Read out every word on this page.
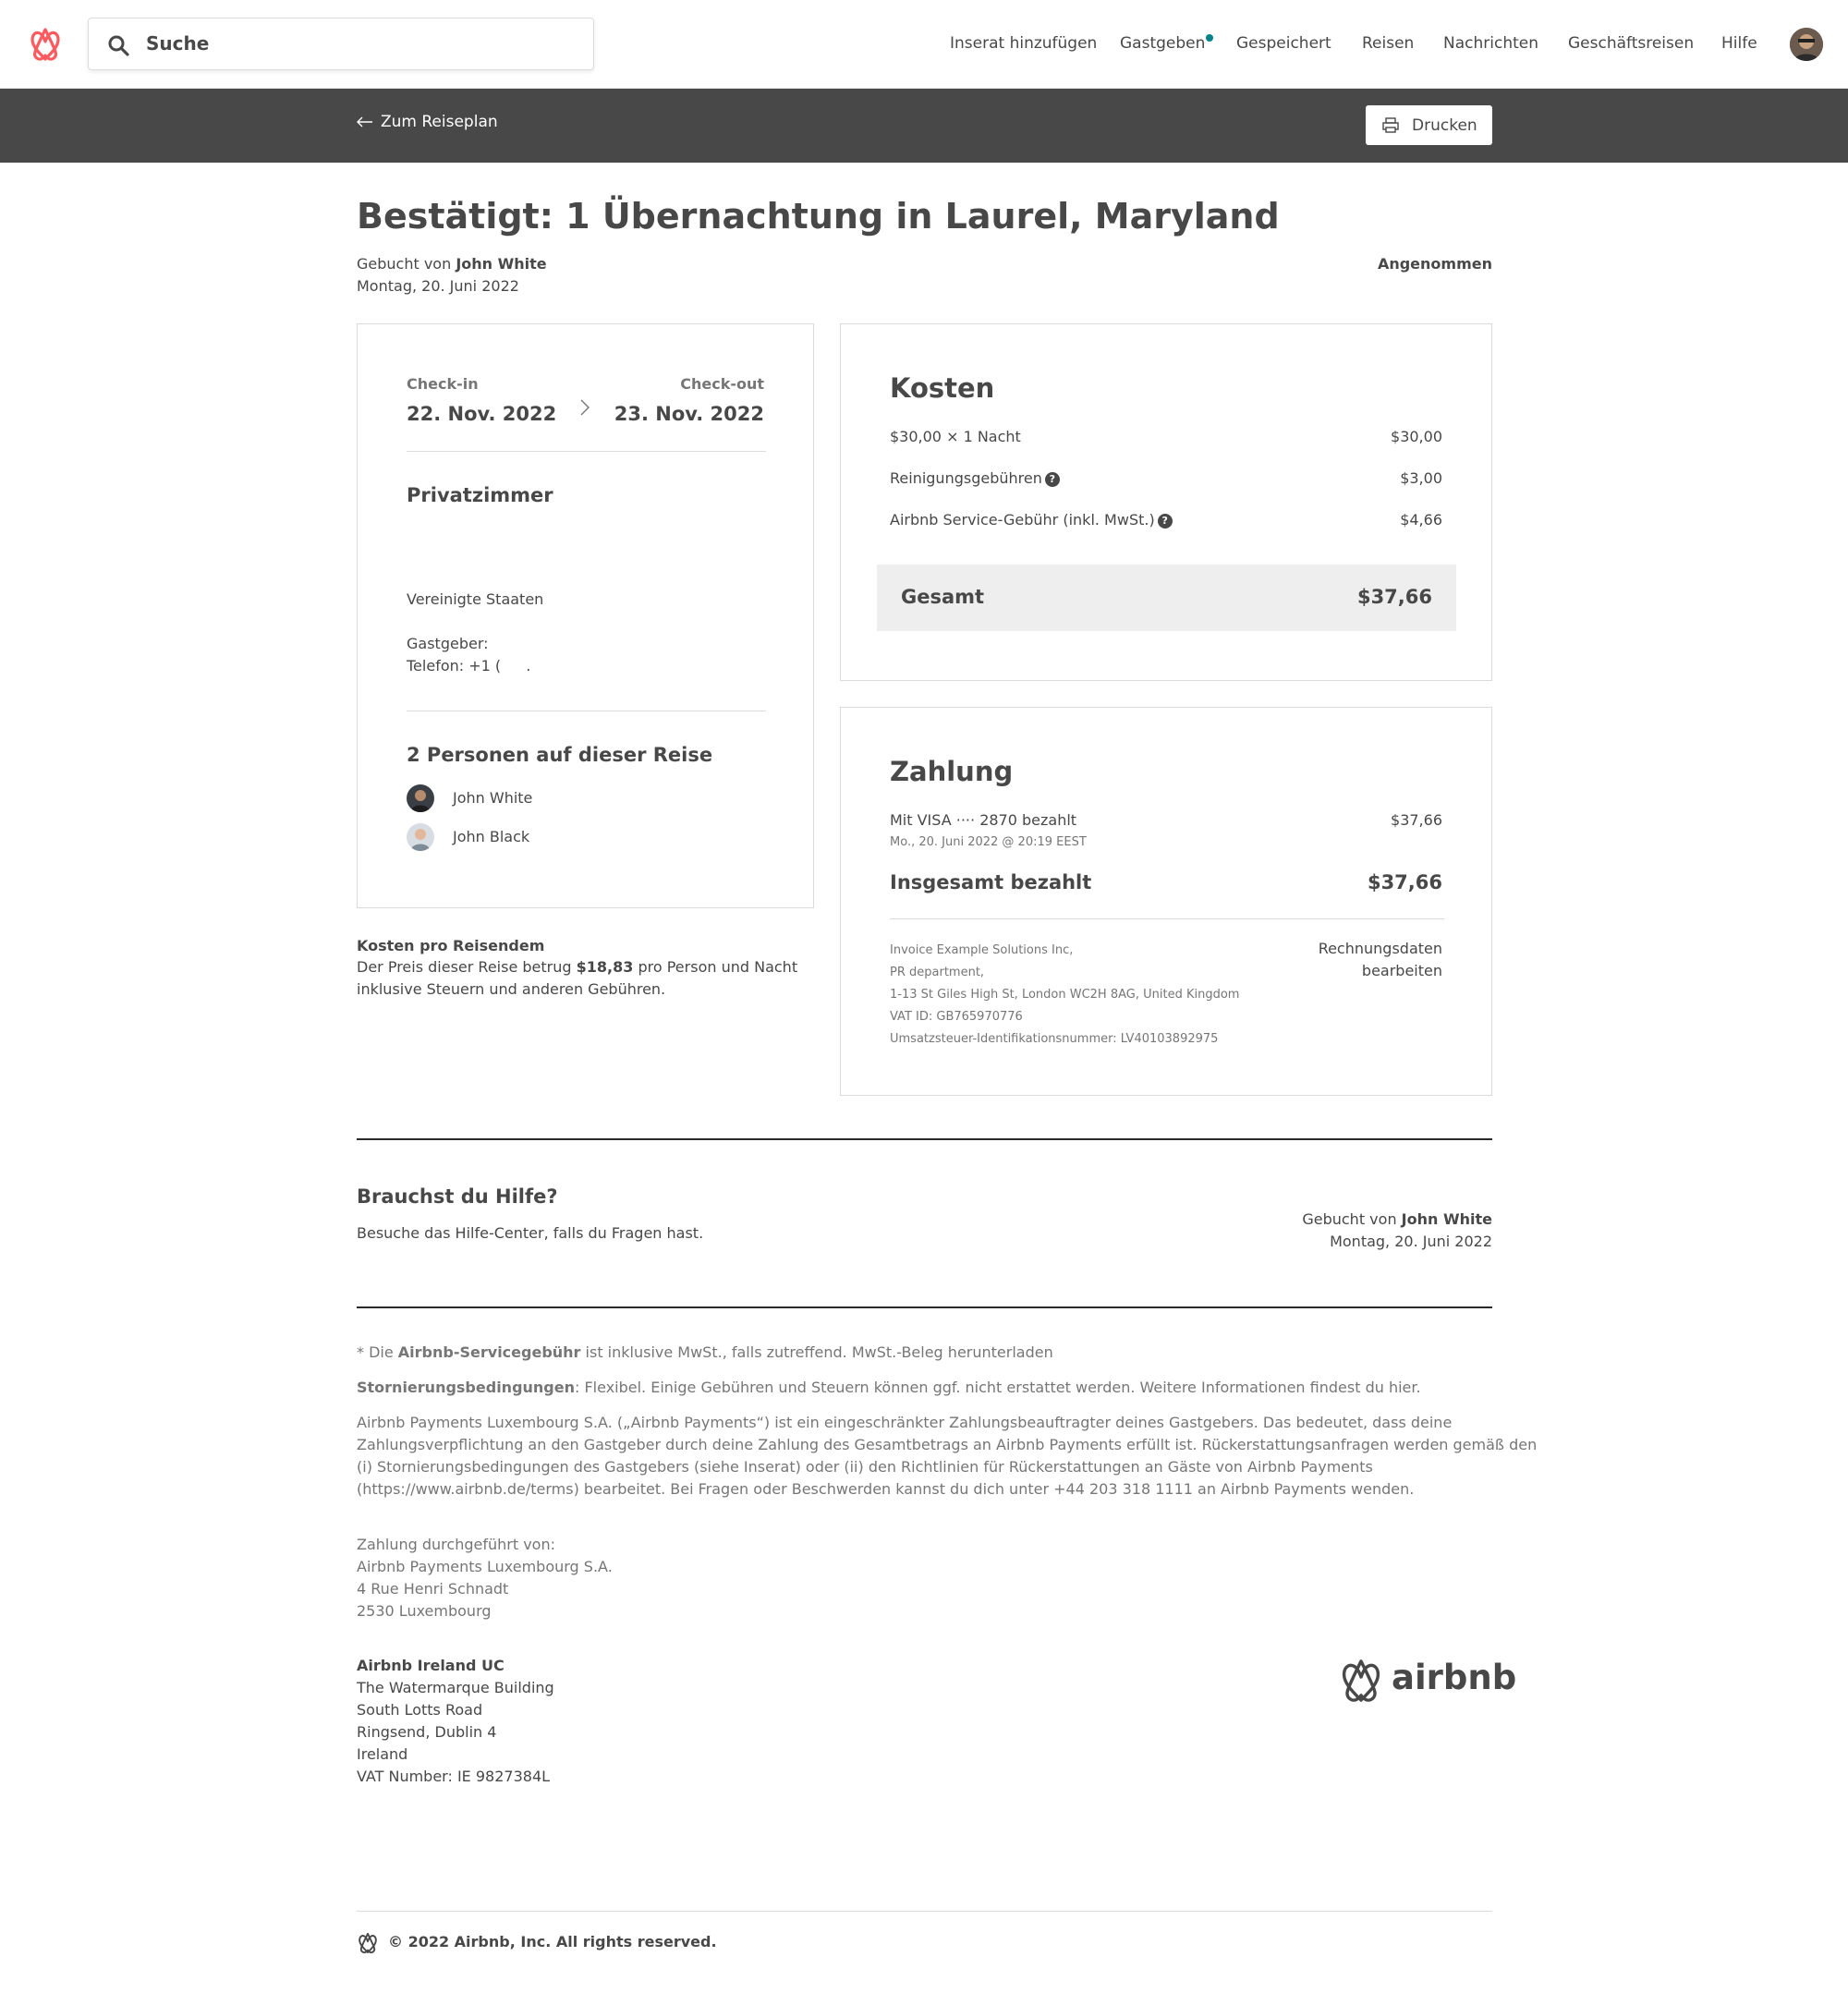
Suche	Inserat hinzufügen Gastgeben Gespeichert Reisen Nachrichten Geschäftsreisen Hilfe
Zum Reiseplan	Drucken
Bestätigt: 1 Übernachtung in Laurel, Maryland
Gebucht von John White
Montag, 20. Juni 2022
Angenommen
Check-in
22. Nov. 2022
Check-out
23. Nov. 2022
Privatzimmer
Vereinigte Staaten
Gastgeber:
Telefon: +1 ( .
2 Personen auf dieser Reise
John White
John Black
Kosten pro Reisendem
Der Preis dieser Reise betrug $18,83 pro Person und Nacht
inklusive Steuern und anderen Gebühren.
Kosten
$30,00 × 1 Nacht	$30,00
Reinigungsgebühren ?	$3,00
Airbnb Service-Gebühr (inkl. MwSt.) ?	$4,66
Gesamt	$37,66
Zahlung
Mit VISA ···· 2870 bezahlt	$37,66
Mo., 20. Juni 2022 @ 20:19 EEST
Insgesamt bezahlt	$37,66
Invoice Example Solutions Inc,
PR department,
1-13 St Giles High St, London WC2H 8AG, United Kingdom
VAT ID: GB765970776
Umsatzsteuer-Identifikationsnummer: LV40103892975
Rechnungsdaten
bearbeiten
Brauchst du Hilfe?
Besuche das Hilfe-Center, falls du Fragen hast.
Gebucht von John White
Montag, 20. Juni 2022
* Die Airbnb-Servicegebühr ist inklusive MwSt., falls zutreffend. MwSt.-Beleg herunterladen
Stornierungsbedingungen: Flexibel. Einige Gebühren und Steuern können ggf. nicht erstattet werden. Weitere Informationen findest du hier.
Airbnb Payments Luxembourg S.A. („Airbnb Payments“) ist ein eingeschränkter Zahlungsbeauftragter deines Gastgebers. Das bedeutet, dass deine
Zahlungsverpflichtung an den Gastgeber durch deine Zahlung des Gesamtbetrags an Airbnb Payments erfüllt ist. Rückerstattungsanfragen werden gemäß den
(i) Stornierungsbedingungen des Gastgebers (siehe Inserat) oder (ii) den Richtlinien für Rückerstattungen an Gäste von Airbnb Payments
(https://www.airbnb.de/terms) bearbeitet. Bei Fragen oder Beschwerden kannst du dich unter +44 203 318 1111 an Airbnb Payments wenden.
Zahlung durchgeführt von:
Airbnb Payments Luxembourg S.A.
4 Rue Henri Schnadt
2530 Luxembourg
Airbnb Ireland UC
The Watermarque Building
South Lotts Road
Ringsend, Dublin 4
Ireland
VAT Number: IE 9827384L
airbnb
© 2022 Airbnb, Inc. All rights reserved.
